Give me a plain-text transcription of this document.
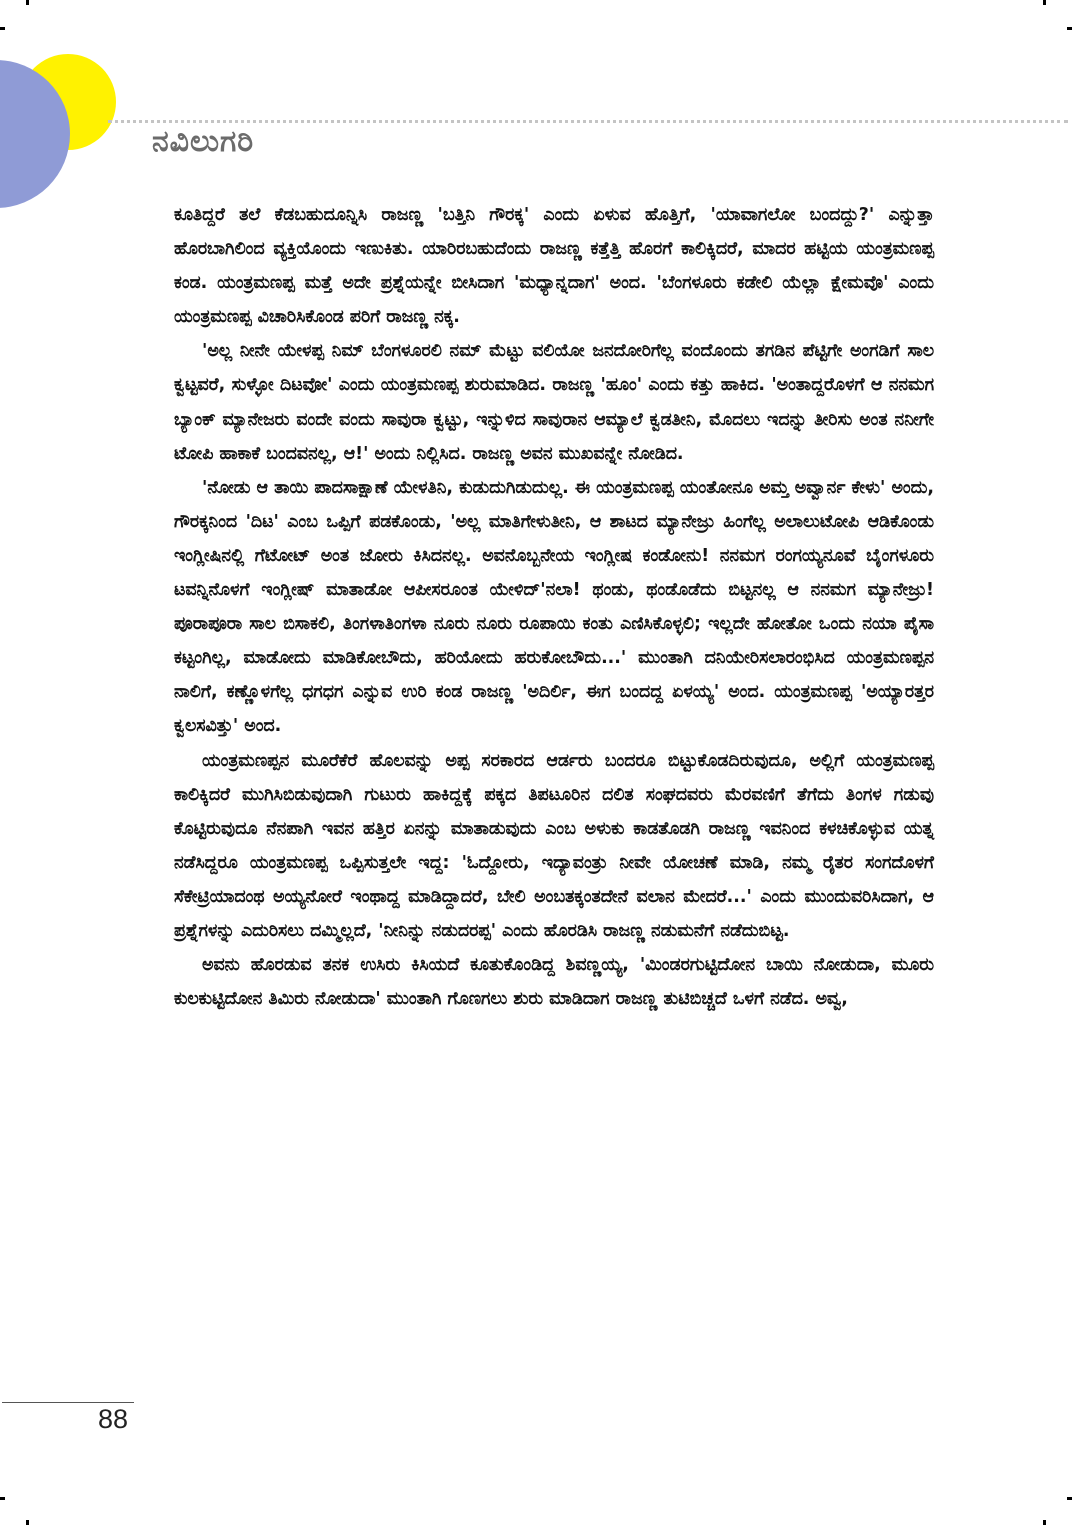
ನವಿಲುಗರಿ

ಕೂತಿದ್ದರೆ ತಲೆ ಕೆಡಬಹುದೂನ್ನಿಸಿ ರಾಜಣ್ಣ 'ಬತ್ತಿನಿ ಗೌರಕ್ಕ' ಎಂದು ಏಳುವ ಹೊತ್ತಿಗೆ, 'ಯಾವಾಗಲೋ ಬಂದದ್ದು?' ಎನ್ನುತ್ತಾ ಹೊರಬಾಗಿಲಿಂದ ವ್ಯಕ್ತಿಯೊಂದು ಇಣುಕಿತು. ಯಾರಿರಬಹುದೆಂದು ರಾಜಣ್ಣ ಕತ್ತೆತ್ತಿ ಹೊರಗೆ ಕಾಲಿಕ್ಕಿದರೆ, ಮಾದರ ಹಟ್ಟಿಯ ಯಂತ್ರಮಣಪ್ಪ ಕಂಡ. ಯಂತ್ರಮಣಪ್ಪ ಮತ್ತೆ ಅದೇ ಪ್ರಶ್ನೆಯನ್ನೇ ಬೀಸಿದಾಗ 'ಮಧ್ಯಾನ್ನದಾಗ' ಅಂದ. 'ಬೆಂಗಳೂರು ಕಡೇಲಿ ಯೆಲ್ಲಾ ಕ್ಷೇಮವೊ' ಎಂದು ಯಂತ್ರಮಣಪ್ಪ ವಿಚಾರಿಸಿಕೊಂಡ ಪರಿಗೆ ರಾಜಣ್ಣ ನಕ್ಕ.

'ಅಲ್ಲ ನೀನೇ ಯೇಳಪ್ಪ ನಿಮ್ ಬೆಂಗಳೂರಲಿ ನಮ್ ಮೆಟ್ಟು ವಲಿಯೋ ಜನದೋರಿಗೆಲ್ಲ ವಂದೊಂದು ತಗಡಿನ ಪೆಟ್ಟಿಗೇ ಅಂಗಡಿಗೆ ಸಾಲ ಕ್ವಟ್ಟವರೆ, ಸುಳ್ಳೋ ದಿಟವೋ' ಎಂದು ಯಂತ್ರಮಣಪ್ಪ ಶುರುಮಾಡಿದ. ರಾಜಣ್ಣ 'ಹೂಂ' ಎಂದು ಕತ್ತು ಹಾಕಿದ. 'ಅಂತಾದ್ದರೊಳಗೆ ಆ ನನಮಗ ಬ್ಯಾಂಕ್ ಮ್ಯಾನೇಜರು ವಂದೇ ವಂದು ಸಾವುರಾ ಕ್ವಟ್ಟು, ಇನ್ನುಳಿದ ಸಾವುರಾನ ಆಮ್ಯಾಲೆ ಕ್ವಡತೀನಿ, ಮೊದಲು ಇದನ್ನು ತೀರಿಸು ಅಂತ ನನೀಗೇ ಟೋಪಿ ಹಾಕಾಕೆ ಬಂದವನಲ್ಲ, ಆ!' ಅಂದು ನಿಲ್ಲಿಸಿದ. ರಾಜಣ್ಣ ಅವನ ಮುಖವನ್ನೇ ನೋಡಿದ.

'ನೋಡು ಆ ತಾಯಿ ಪಾದಸಾಕ್ಷಾಣೆ ಯೇಳತಿನಿ, ಕುಡುದುಗಿಡುದುಲ್ಲ. ಈ ಯಂತ್ರಮಣಪ್ಪ ಯಂತೋನೂ ಅಮ್ತ ಅವ್ವಾರ್ನ ಕೇಳು' ಅಂದು, ಗೌರಕ್ಕನಿಂದ 'ದಿಟ' ಎಂಬ ಒಪ್ಪಿಗೆ ಪಡಕೊಂಡು, 'ಅಲ್ಲ ಮಾತಿಗೇಳುತೀನಿ, ಆ ಶಾಟದ ಮ್ಯಾನೇಜ್ರು ಹಿಂಗೆಲ್ಲ ಅಲಾಲುಟೋಪಿ ಆಡಿಕೊಂಡು ಇಂಗ್ಲೀಷಿನಲ್ಲಿ ಗೆಟೋಟ್ ಅಂತ ಜೋರು ಕಿಸಿದನಲ್ಲ. ಅವನೊಬ್ಬನೇಯ ಇಂಗ್ಲೀಷ ಕಂಡೋನು! ನನಮಗ ರಂಗಯ್ಯನೂವೆ ಬೈಂಗಳೂರು ಟವನ್ನಿನೊಳಗೆ ಇಂಗ್ಲೀಷ್ ಮಾತಾಡೋ ಆಪೀಸರೂಂತ ಯೇಳಿದ್'ನಲಾ! ಥಂಡು, ಥಂಡೊಡೆದು ಬಿಟ್ಟನಲ್ಲ ಆ ನನಮಗ ಮ್ಯಾನೇಜ್ರು! ಪೂರಾಪೂರಾ ಸಾಲ ಬಿಸಾಕಲಿ, ತಿಂಗಳಾತಿಂಗಳಾ ನೂರು ನೂರು ರೂಪಾಯಿ ಕಂತು ಎಣಿಸಿಕೊಳ್ಳಲಿ; ಇಲ್ಲದೇ ಹೋತೋ ಒಂದು ನಯಾ ಪೈಸಾ ಕಟ್ಟಂಗಿಲ್ಲ, ಮಾಡೋದು ಮಾಡಿಕೋಬೌದು, ಹರಿಯೋದು ಹರುಕೋಬೌದು...' ಮುಂತಾಗಿ ದನಿಯೇರಿಸಲಾರಂಭಿಸಿದ ಯಂತ್ರಮಣಪ್ಪನ ನಾಲಿಗೆ, ಕಣ್ಣೊಳಗೆಲ್ಲ ಧಗಧಗ ಎನ್ನುವ ಉರಿ ಕಂಡ ರಾಜಣ್ಣ 'ಅದಿರ್ಲಿ, ಈಗ ಬಂದದ್ದ ಏಳಯ್ಯ' ಅಂದ. ಯಂತ್ರಮಣಪ್ಪ 'ಅಯ್ಯಾರತ್ತರ ಕ್ವಲಸವಿತ್ತು' ಅಂದ.

ಯಂತ್ರಮಣಪ್ಪನ ಮೂರೆಕೆರೆ ಹೊಲವನ್ನು ಅಪ್ಪ ಸರಕಾರದ ಆರ್ಡರು ಬಂದರೂ ಬಿಟ್ಟುಕೊಡದಿರುವುದೂ, ಅಲ್ಲಿಗೆ ಯಂತ್ರಮಣಪ್ಪ ಕಾಲಿಕ್ಕಿದರೆ ಮುಗಿಸಿಬಿಡುವುದಾಗಿ ಗುಟುರು ಹಾಕಿದ್ದಕ್ಕೆ ಪಕ್ಕದ ತಿಪಟೂರಿನ ದಲಿತ ಸಂಘದವರು ಮೆರವಣಿಗೆ ತೆಗೆದು ತಿಂಗಳ ಗಡುವು ಕೊಟ್ಟಿರುವುದೂ ನೆನಪಾಗಿ ಇವನ ಹತ್ತಿರ ಏನನ್ನು ಮಾತಾಡುವುದು ಎಂಬ ಅಳುಕು ಕಾಡತೊಡಗಿ ರಾಜಣ್ಣ ಇವನಿಂದ ಕಳಚಿಕೊಳ್ಳುವ ಯತ್ನ ನಡೆಸಿದ್ದರೂ ಯಂತ್ರಮಣಪ್ಪ ಒಪ್ಪಿಸುತ್ತಲೇ ಇದ್ದ: 'ಓದ್ದೋರು, ಇದ್ಯಾವಂತ್ರು ನೀವೇ ಯೋಚಣೆ ಮಾಡಿ, ನಮ್ಮ ರೈತರ ಸಂಗದೊಳಗೆ ಸೆಕೇಟ್ರಿಯಾದಂಥ ಅಯ್ಯನೋರೆ ಇಂಥಾದ್ದ ಮಾಡಿದ್ದಾದರೆ, ಬೇಲಿ ಅಂಬತಕ್ಕಂತದೇನೆ ವಲಾನ ಮೇದರೆ...' ಎಂದು ಮುಂದುವರಿಸಿದಾಗ, ಆ ಪ್ರಶ್ನೆಗಳನ್ನು ಎದುರಿಸಲು ದಮ್ಮಿಲ್ಲದೆ, 'ನೀನಿನ್ನು ನಡುದರಪ್ಪ' ಎಂದು ಹೊರಡಿಸಿ ರಾಜಣ್ಣ ನಡುಮನೆಗೆ ನಡೆದುಬಿಟ್ಟ.

ಅವನು ಹೊರಡುವ ತನಕ ಉಸಿರು ಕಿಸಿಯದೆ ಕೂತುಕೊಂಡಿದ್ದ ಶಿವಣ್ಣಯ್ಯ, 'ಮಿಂಡರಗುಟ್ಟಿದೋನ ಬಾಯಿ ನೋಡುದಾ, ಮೂರು ಕುಲಕುಟ್ಟಿದೋನ ತಿಮಿರು ನೋಡುದಾ' ಮುಂತಾಗಿ ಗೊಣಗಲು ಶುರು ಮಾಡಿದಾಗ ರಾಜಣ್ಣ ತುಟಿಬಿಚ್ಚದೆ ಒಳಗೆ ನಡೆದ. ಅವ್ವ,

88
